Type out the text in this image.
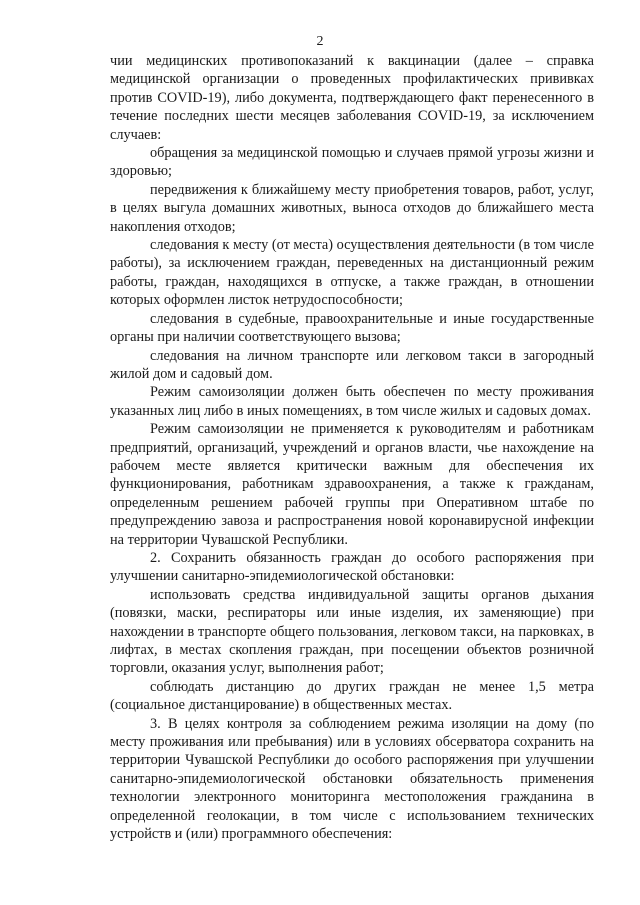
2

чии медицинских противопоказаний к вакцинации (далее – справка медицинской организации о проведенных профилактических прививках против COVID-19), либо документа, подтверждающего факт перенесенного в течение последних шести месяцев заболевания COVID-19, за исключением случаев:

обращения за медицинской помощью и случаев прямой угрозы жизни и здоровью;

передвижения к ближайшему месту приобретения товаров, работ, услуг, в целях выгула домашних животных, выноса отходов до ближайшего места накопления отходов;

следования к месту (от места) осуществления деятельности (в том числе работы), за исключением граждан, переведенных на дистанционный режим работы, граждан, находящихся в отпуске, а также граждан, в отношении которых оформлен листок нетрудоспособности;

следования в судебные, правоохранительные и иные государственные органы при наличии соответствующего вызова;

следования на личном транспорте или легковом такси в загородный жилой дом и садовый дом.

Режим самоизоляции должен быть обеспечен по месту проживания указанных лиц либо в иных помещениях, в том числе жилых и садовых домах.

Режим самоизоляции не применяется к руководителям и работникам предприятий, организаций, учреждений и органов власти, чье нахождение на рабочем месте является критически важным для обеспечения их функционирования, работникам здравоохранения, а также к гражданам, определенным решением рабочей группы при Оперативном штабе по предупреждению завоза и распространения новой коронавирусной инфекции на территории Чувашской Республики.

2. Сохранить обязанность граждан до особого распоряжения при улучшении санитарно-эпидемиологической обстановки:

использовать средства индивидуальной защиты органов дыхания (повязки, маски, респираторы или иные изделия, их заменяющие) при нахождении в транспорте общего пользования, легковом такси, на парковках, в лифтах, в местах скопления граждан, при посещении объектов розничной торговли, оказания услуг, выполнения работ;

соблюдать дистанцию до других граждан не менее 1,5 метра (социальное дистанцирование) в общественных местах.

3. В целях контроля за соблюдением режима изоляции на дому (по месту проживания или пребывания) или в условиях обсерватора сохранить на территории Чувашской Республики до особого распоряжения при улучшении санитарно-эпидемиологической обстановки обязательность применения технологии электронного мониторинга местоположения гражданина в определенной геолокации, в том числе с использованием технических устройств и (или) программного обеспечения:
